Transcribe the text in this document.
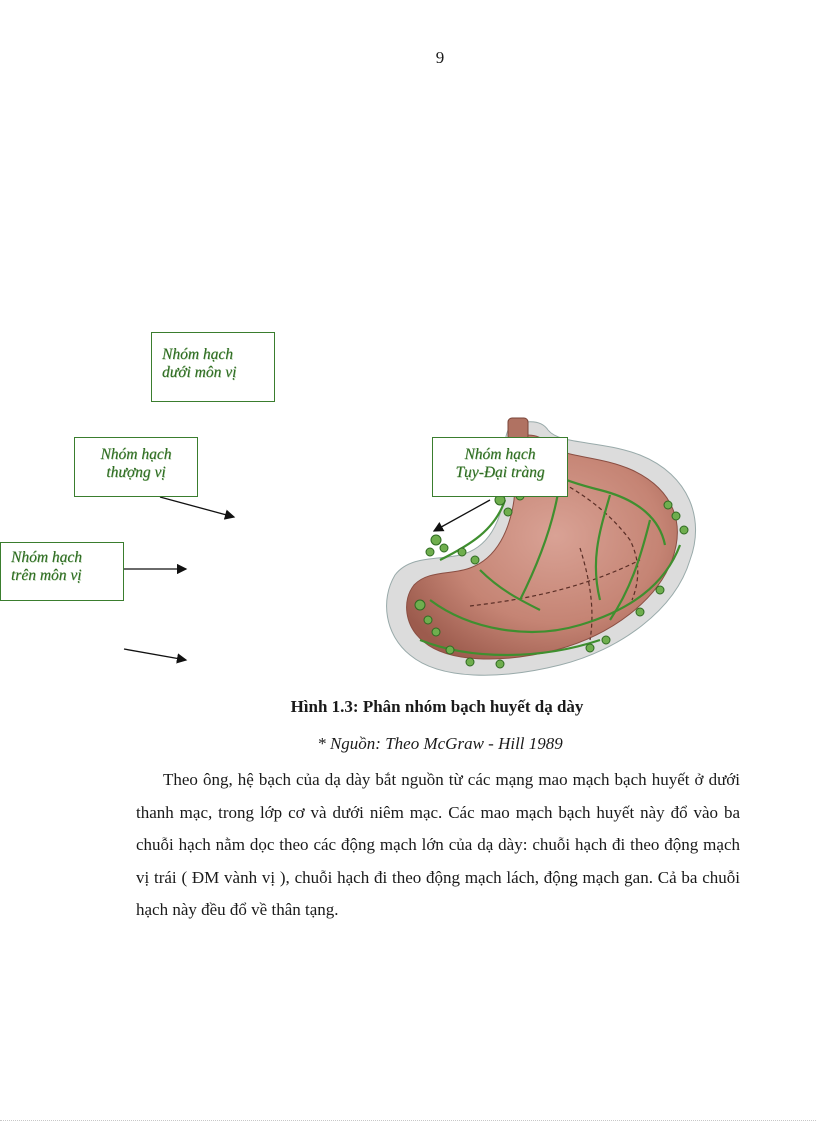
9
Nhóm hạch
dưới môn vị
Nhóm hạch
thượng vị
Nhóm hạch
Tụy-Đại tràng
Nhóm hạch
trên môn vị
Hình 1.3: Phân nhóm bạch huyết dạ dày
* Nguồn: Theo McGraw - Hill 1989
Theo ông, hệ bạch của dạ dày bắt nguồn từ các mạng mao mạch bạch huyết ở dưới thanh mạc, trong lớp cơ và dưới niêm mạc. Các mao mạch bạch huyết này đổ vào ba chuỗi hạch nằm dọc theo các động mạch lớn của dạ dày: chuỗi hạch đi theo động mạch vị trái ( ĐM vành vị ), chuỗi hạch đi theo động mạch lách, động mạch gan. Cả ba chuỗi hạch này đều đổ về thân tạng.
